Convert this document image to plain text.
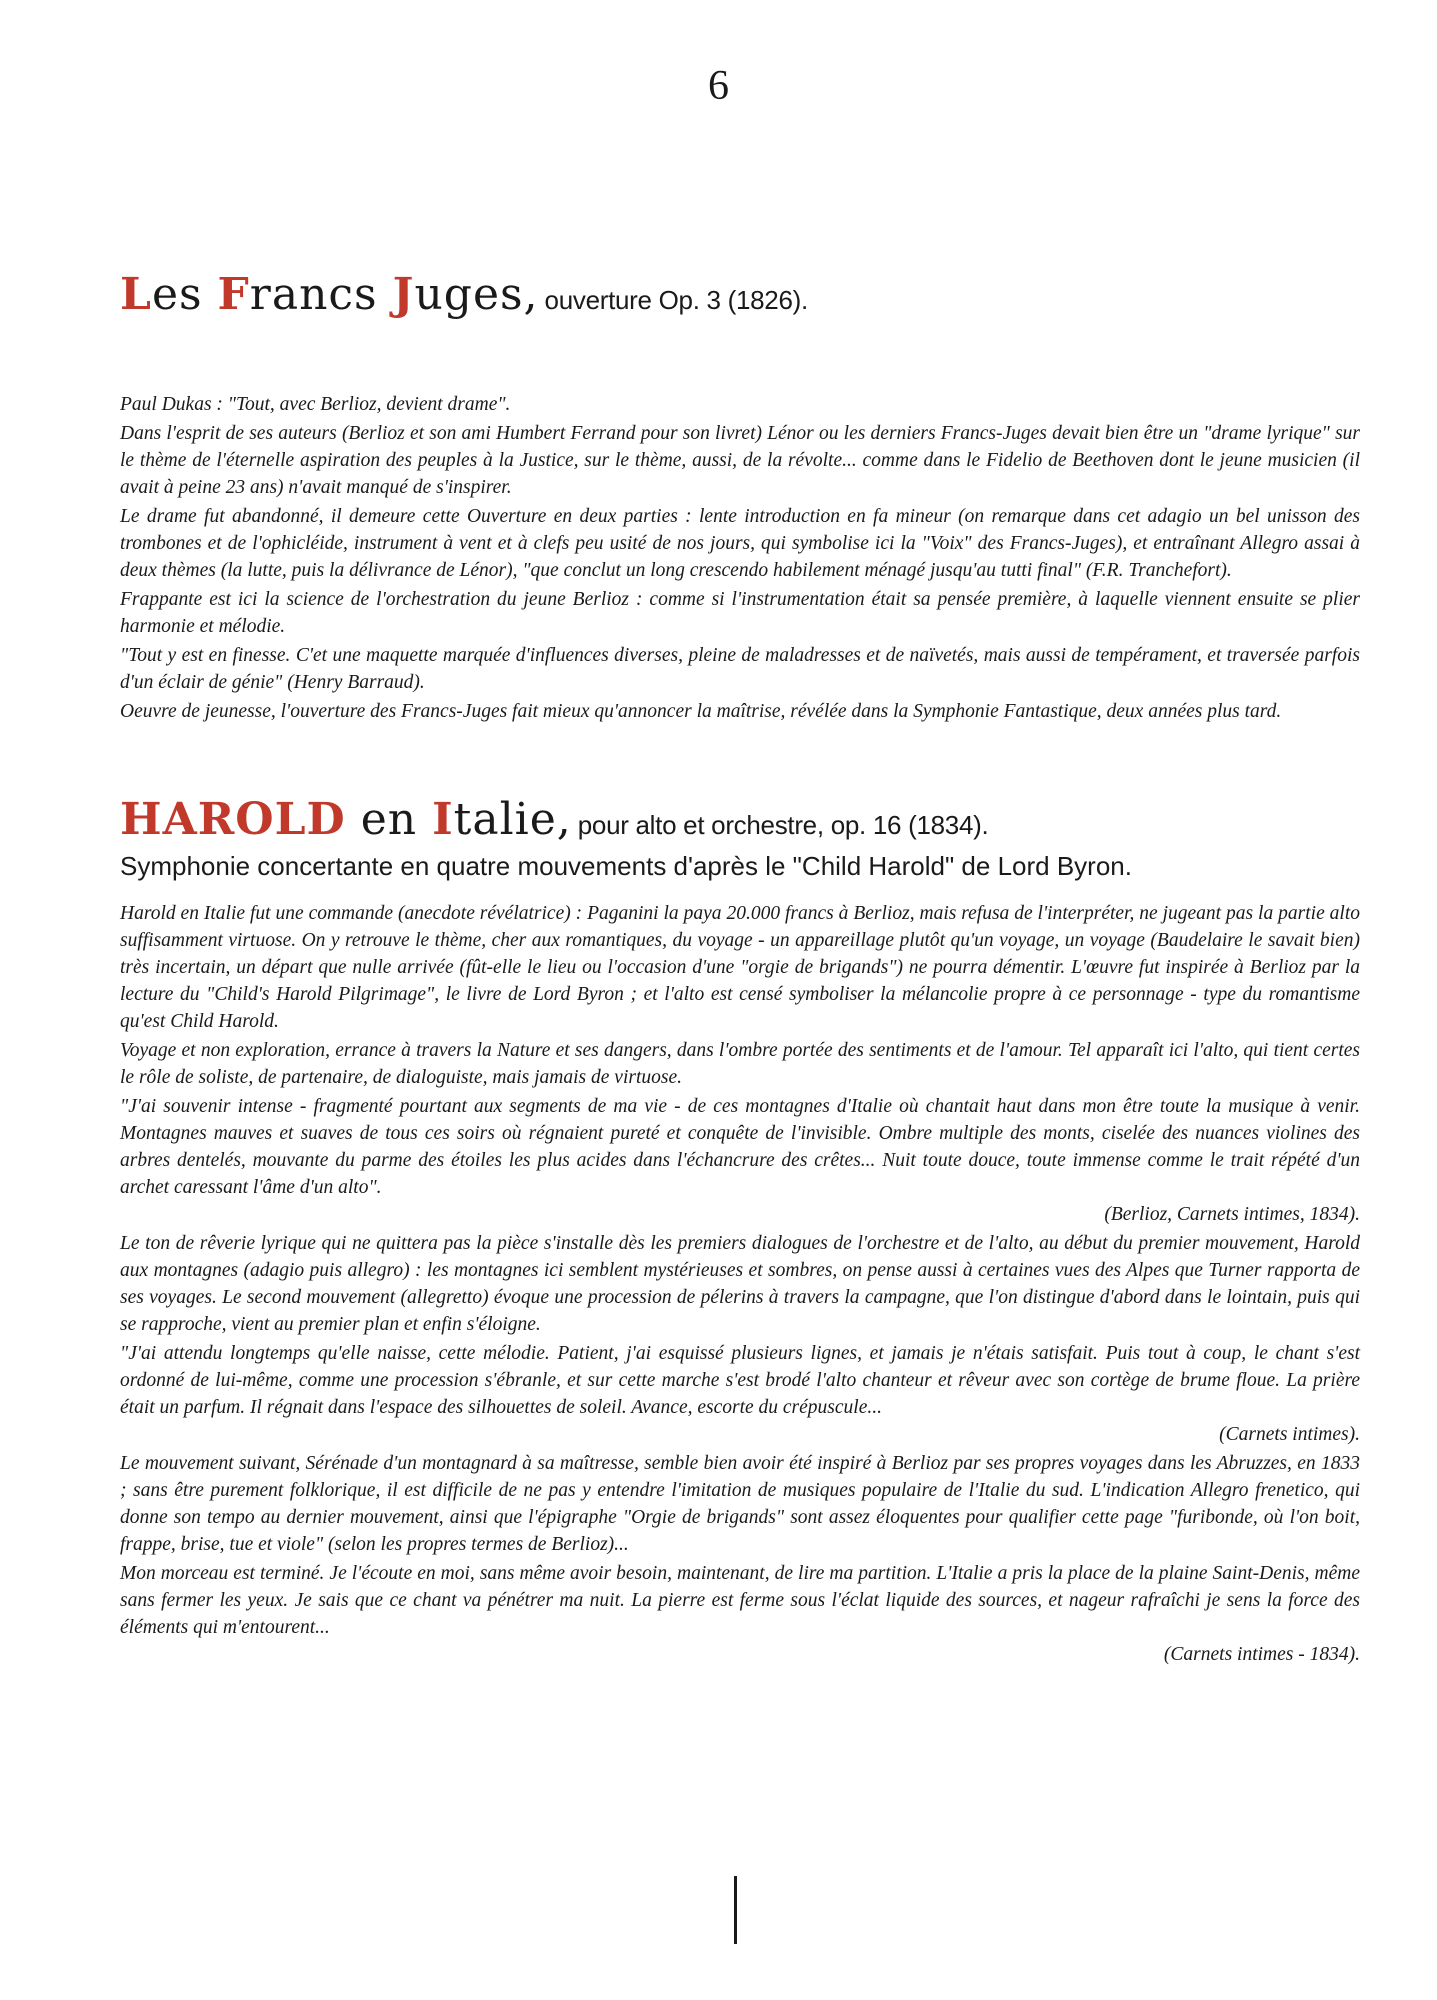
6
Les Francs Juges, ouverture Op. 3 (1826).

Paul Dukas : "Tout, avec Berlioz, devient drame".

Dans l'esprit de ses auteurs (Berlioz et son ami Humbert Ferrand pour son livret) Lénor ou les derniers Francs-Juges devait bien être un "drame lyrique" sur le thème de l'éternelle aspiration des peuples à la Justice, sur le thème, aussi, de la révolte... comme dans le Fidelio de Beethoven dont le jeune musicien (il avait à peine 23 ans) n'avait manqué de s'inspirer.

Le drame fut abandonné, il demeure cette Ouverture en deux parties : lente introduction en fa mineur (on remarque dans cet adagio un bel unisson des trombones et de l'ophicléide, instrument à vent et à clefs peu usité de nos jours, qui symbolise ici la "Voix" des Francs-Juges), et entraînant Allegro assai à deux thèmes (la lutte, puis la délivrance de Lénor), "que conclut un long crescendo habilement ménagé jusqu'au tutti final" (F.R. Tranchefort).

Frappante est ici la science de l'orchestration du jeune Berlioz : comme si l'instrumentation était sa pensée première, à laquelle viennent ensuite se plier harmonie et mélodie.

"Tout y est en finesse. C'et une maquette marquée d'influences diverses, pleine de maladresses et de naïvetés, mais aussi de tempérament, et traversée parfois d'un éclair de génie" (Henry Barraud).

Oeuvre de jeunesse, l'ouverture des Francs-Juges fait mieux qu'annoncer la maîtrise, révélée dans la Symphonie Fantastique, deux années plus tard.

HAROLD en Italie, pour alto et orchestre, op. 16 (1834).
Symphonie concertante en quatre mouvements d'après le "Child Harold" de Lord Byron.

Harold en Italie fut une commande (anecdote révélatrice) : Paganini la paya 20.000 francs à Berlioz, mais refusa de l'interpréter, ne jugeant pas la partie alto suffisamment virtuose. On y retrouve le thème, cher aux romantiques, du voyage - un appareillage plutôt qu'un voyage, un voyage (Baudelaire le savait bien) très incertain, un départ que nulle arrivée (fût-elle le lieu ou l'occasion d'une "orgie de brigands") ne pourra démentir. L'œuvre fut inspirée à Berlioz par la lecture du "Child's Harold Pilgrimage", le livre de Lord Byron ; et l'alto est censé symboliser la mélancolie propre à ce personnage - type du romantisme qu'est Child Harold.

Voyage et non exploration, errance à travers la Nature et ses dangers, dans l'ombre portée des sentiments et de l'amour. Tel apparaît ici l'alto, qui tient certes le rôle de soliste, de partenaire, de dialoguiste, mais jamais de virtuose.

"J'ai souvenir intense - fragmenté pourtant aux segments de ma vie - de ces montagnes d'Italie où chantait haut dans mon être toute la musique à venir. Montagnes mauves et suaves de tous ces soirs où régnaient pureté et conquête de l'invisible. Ombre multiple des monts, ciselée des nuances violines des arbres dentelés, mouvante du parme des étoiles les plus acides dans l'échancrure des crêtes... Nuit toute douce, toute immense comme le trait répété d'un archet caressant l'âme d'un alto".
(Berlioz, Carnets intimes, 1834).

Le ton de rêverie lyrique qui ne quittera pas la pièce s'installe dès les premiers dialogues de l'orchestre et de l'alto, au début du premier mouvement, Harold aux montagnes (adagio puis allegro) : les montagnes ici semblent mystérieuses et sombres, on pense aussi à certaines vues des Alpes que Turner rapporta de ses voyages. Le second mouvement (allegretto) évoque une procession de pélerins à travers la campagne, que l'on distingue d'abord dans le lointain, puis qui se rapproche, vient au premier plan et enfin s'éloigne.

"J'ai attendu longtemps qu'elle naisse, cette mélodie. Patient, j'ai esquissé plusieurs lignes, et jamais je n'étais satisfait. Puis tout à coup, le chant s'est ordonné de lui-même, comme une procession s'ébranle, et sur cette marche s'est brodé l'alto chanteur et rêveur avec son cortège de brume floue. La prière était un parfum. Il régnait dans l'espace des silhouettes de soleil. Avance, escorte du crépuscule...
(Carnets intimes).

Le mouvement suivant, Sérénade d'un montagnard à sa maîtresse, semble bien avoir été inspiré à Berlioz par ses propres voyages dans les Abruzzes, en 1833 ; sans être purement folklorique, il est difficile de ne pas y entendre l'imitation de musiques populaire de l'Italie du sud. L'indication Allegro frenetico, qui donne son tempo au dernier mouvement, ainsi que l'épigraphe "Orgie de brigands" sont assez éloquentes pour qualifier cette page "furibonde, où l'on boit, frappe, brise, tue et viole" (selon les propres termes de Berlioz)...

Mon morceau est terminé. Je l'écoute en moi, sans même avoir besoin, maintenant, de lire ma partition. L'Italie a pris la place de la plaine Saint-Denis, même sans fermer les yeux. Je sais que ce chant va pénétrer ma nuit. La pierre est ferme sous l'éclat liquide des sources, et nageur rafraîchi je sens la force des éléments qui m'entourent...
(Carnets intimes - 1834).
